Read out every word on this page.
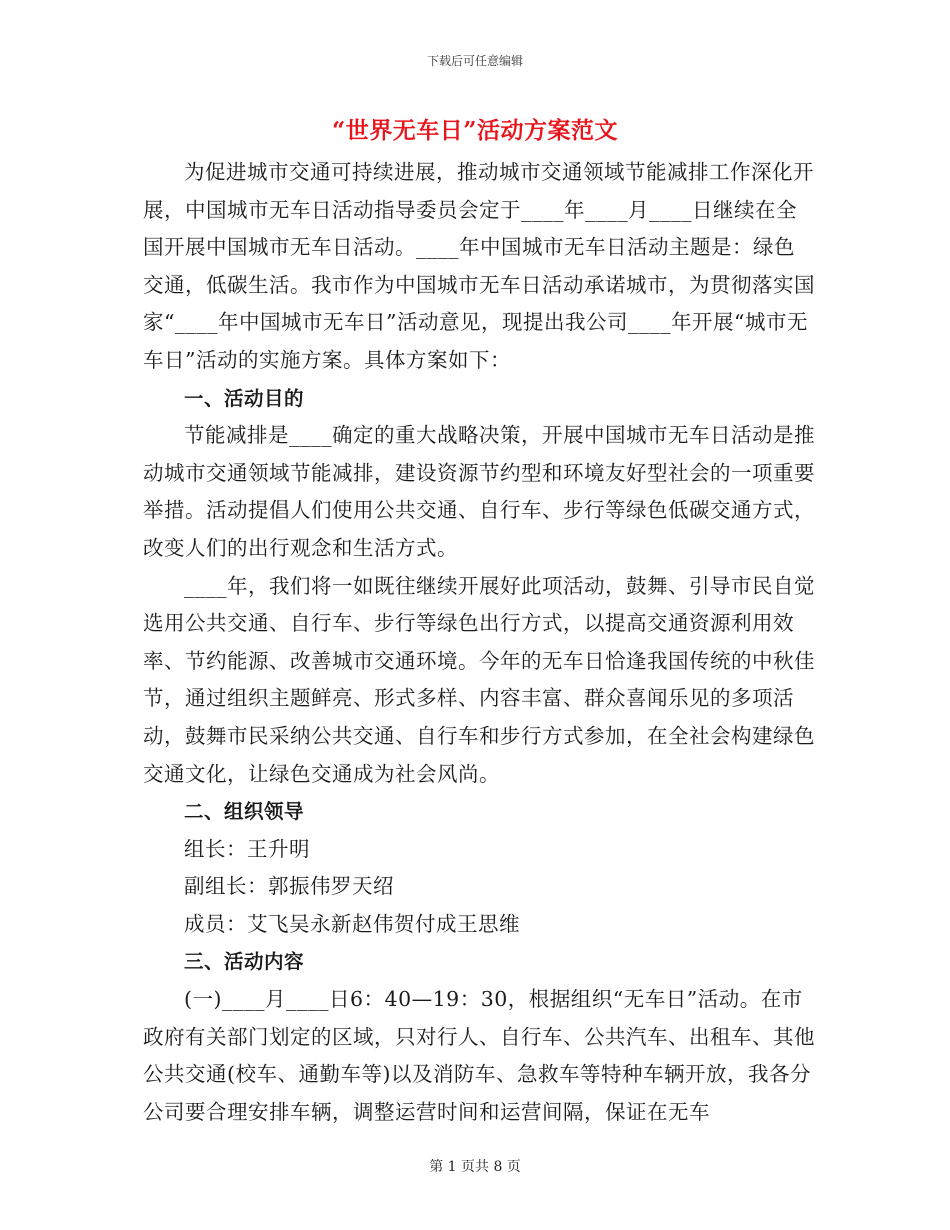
下载后可任意编辑
“世界无车日”活动方案范文

为促进城市交通可持续进展，推动城市交通领域节能减排工作深化开展，中国城市无车日活动指导委员会定于____年____月____日继续在全国开展中国城市无车日活动。____年中国城市无车日活动主题是：绿色交通，低碳生活。我市作为中国城市无车日活动承诺城市，为贯彻落实国家“____年中国城市无车日”活动意见，现提出我公司____年开展“城市无车日”活动的实施方案。具体方案如下：

一、活动目的

节能减排是____确定的重大战略决策，开展中国城市无车日活动是推动城市交通领域节能减排，建设资源节约型和环境友好型社会的一项重要举措。活动提倡人们使用公共交通、自行车、步行等绿色低碳交通方式，改变人们的出行观念和生活方式。

____年，我们将一如既往继续开展好此项活动，鼓舞、引导市民自觉选用公共交通、自行车、步行等绿色出行方式，以提高交通资源利用效率、节约能源、改善城市交通环境。今年的无车日恰逢我国传统的中秋佳节，通过组织主题鲜亮、形式多样、内容丰富、群众喜闻乐见的多项活动，鼓舞市民采纳公共交通、自行车和步行方式参加，在全社会构建绿色交通文化，让绿色交通成为社会风尚。

二、组织领导

组长：王升明

副组长：郭振伟罗天绍

成员：艾飞吴永新赵伟贺付成王思维

三、活动内容

(一)____月____日6：40—19：30，根据组织“无车日”活动。在市政府有关部门划定的区域，只对行人、自行车、公共汽车、出租车、其他公共交通(校车、通勤车等)以及消防车、急救车等特种车辆开放，我各分公司要合理安排车辆，调整运营时间和运营间隔，保证在无车

第 1 页共 8 页
